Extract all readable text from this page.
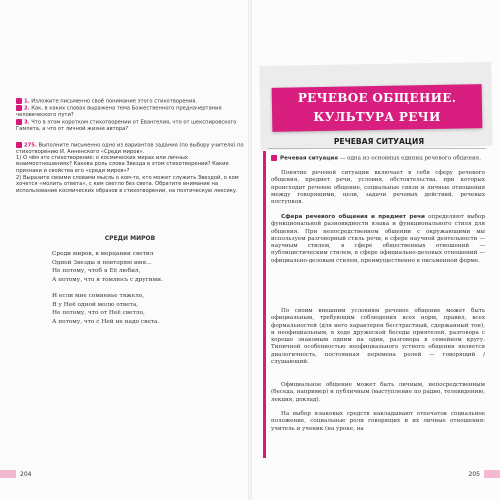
1. Изложите письменно своё понимание этого стихотворения.
2. Как, в каких словах выражена тема Божественного предначертания человеческого пути?
3. Что в этом коротком стихотворении от Евангелия, что от шекспировского Гамлета, а что от личной жизни автора?
275. Выполните письменно одно из вариантов задания (по выбору учителя) по стихотворению И. Анненского «Среди миров».
1) О чём это стихотворение: о космических мирах или личных взаимоотношениях? Какова роль слова Звезда в этом стихотворении? Какие признаки и свойства его «среди миров»?
2) Выразите своими словами мысль о ком-то, кто может служить Звездой, о ком хочется «молить ответа», с кем светло без света. Обратите внимание на использование космических образов в стихотворении, на поэтическую лексику.
СРЕДИ МИРОВ
Среди миров, в мерцании светил
Одной Звезды я повторяю имя...
Не потому, чтоб я Её любил,
А потому, что я томлюсь с другими.
И если мне сомненье тяжело,
Я у Неё одной молю ответа,
Не потому, что от Неё светло,
А потому, что с Ней не надо света.
204
РЕЧЕВОЕ ОБЩЕНИЕ.
КУЛЬТУРА РЕЧИ
РЕЧЕВАЯ СИТУАЦИЯ
Речевая ситуация — одна из основных единиц речевого общения.
Понятие речевой ситуации включает в себя сферу речевого общения, предмет речи, условия, обстоятельства, при которых происходит речевое общение, социальные связи и личные отношения между говорящими, цели, задачи речевых действий, речевых поступков.
Сфера речевого общения и предмет речи определяют выбор функциональной разновидности языка и функционального стиля для общения. При непосредственном общении с окружающими мы используем разговорный стиль речи, в сфере научной деятельности — научным стилем, в сфере общественных отношений — публицистическим стилем, в сфере официально-деловых отношений — официально-деловым стилем, преимущественно в письменной форме.
По своим внешним условиям речевое общение может быть официальным, требующим соблюдения всех норм, правил, всех формальностей (для него характерен бесстрастный, сдержанный тон), и неофициальным, в ходе дружеской беседы приятелей, разговора с хорошо знакомым одним на один, разговора в семейном кругу. Типичной особенностью неофициального устного общения является диалогичность, постоянная перемена ролей — говорящий / слушающий.
Официальное общение может быть личным, непосредственным (беседа, например) и публичным (выступление по радио, телевидению, лекция, доклад).
На выбор языковых средств накладывают отпечаток социальное положение, социальные роли говорящих и их личные отношения: учитель и ученик (на уроке, на
205
